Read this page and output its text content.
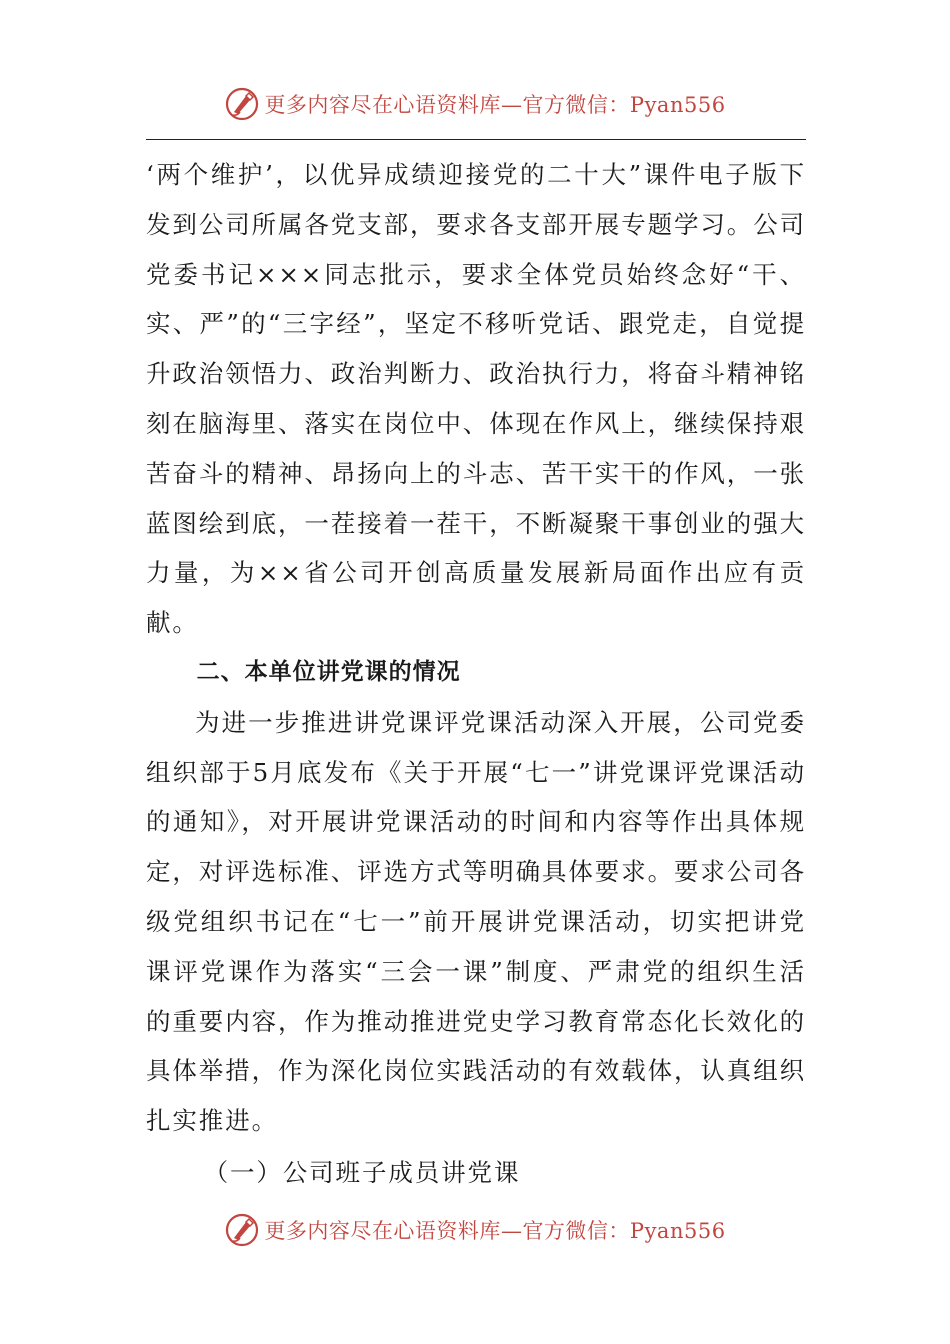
更多内容尽在心语资料库—官方微信：Pyan556

‘两个维护’，以优异成绩迎接党的二十大”课件电子版下发到公司所属各党支部，要求各支部开展专题学习。公司党委书记×××同志批示，要求全体党员始终念好“干、实、严”的“三字经”，坚定不移听党话、跟党走，自觉提升政治领悟力、政治判断力、政治执行力，将奋斗精神铭刻在脑海里、落实在岗位中、体现在作风上，继续保持艰苦奋斗的精神、昂扬向上的斗志、苦干实干的作风，一张蓝图绘到底，一茬接着一茬干，不断凝聚干事创业的强大力量，为××省公司开创高质量发展新局面作出应有贡献。

二、本单位讲党课的情况

为进一步推进讲党课评党课活动深入开展，公司党委组织部于5月底发布《关于开展“七一”讲党课评党课活动的通知》，对开展讲党课活动的时间和内容等作出具体规定，对评选标准、评选方式等明确具体要求。要求公司各级党组织书记在“七一”前开展讲党课活动，切实把讲党课评党课作为落实“三会一课”制度、严肃党的组织生活的重要内容，作为推动推进党史学习教育常态化长效化的具体举措，作为深化岗位实践活动的有效载体，认真组织扎实推进。

（一）公司班子成员讲党课

更多内容尽在心语资料库—官方微信：Pyan556
